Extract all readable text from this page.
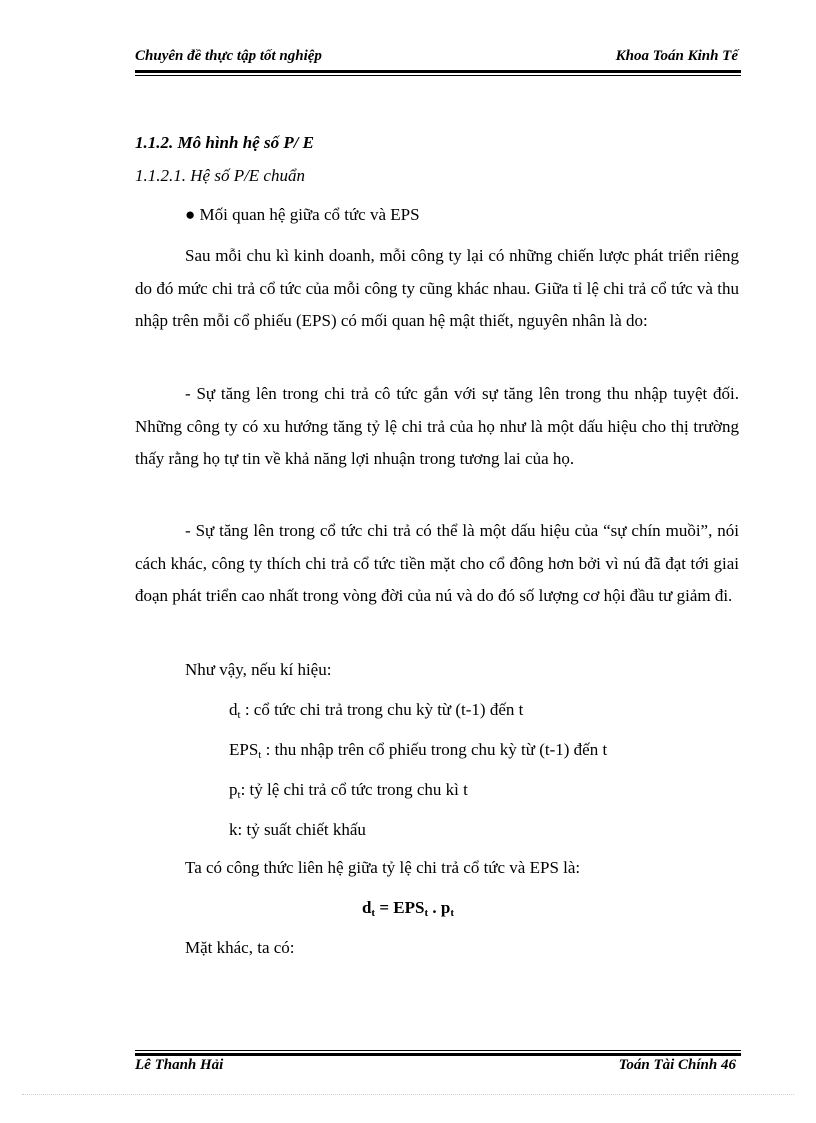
Chuyên đề thực tập tốt nghiệp	Khoa Toán Kinh Tế
1.1.2. Mô hình hệ số P/ E
1.1.2.1. Hệ số P/E chuẩn
● Mối quan hệ giữa cổ tức và EPS
Sau mỗi chu kì kinh doanh, mỗi công ty lại có những chiến lược phát triển riêng do đó mức chi trả cổ tức của mỗi công ty cũng khác nhau. Giữa tỉ lệ chi trả cổ tức và thu nhập trên mỗi cổ phiếu (EPS) có mối quan hệ mật thiết, nguyên nhân là do:
- Sự tăng lên trong chi trả cô tức gắn với sự tăng lên trong thu nhập tuyệt đối. Những công ty có xu hướng tăng tỷ lệ chi trả của họ như là một dấu hiệu cho thị trường thấy rằng họ tự tin về khả năng lợi nhuận trong tương lai của họ.
- Sự tăng lên trong cổ tức chi trả có thể là một dấu hiệu của “sự chín muồi”, nói cách khác, công ty thích chi trả cổ tức tiền mặt cho cổ đông hơn bởi vì nú đã đạt tới giai đoạn phát triển cao nhất trong vòng đời của nú và do đó số lượng cơ hội đầu tư giảm đi.
Như vậy, nếu kí hiệu:
$d_t$ : cổ tức chi trả trong chu kỳ từ (t-1) đến t
$EPS_t$ : thu nhập trên cổ phiếu trong chu kỳ từ (t-1) đến t
$p_t$: tỷ lệ chi trả cổ tức trong chu kì t
k: tỷ suất chiết khấu
Ta có công thức liên hệ giữa tỷ lệ chi trả cổ tức và EPS là:
$d_t = EPS_t$ . $p_t$
Mặt khác, ta có:
Lê Thanh Hải	Toán Tài Chính 46
